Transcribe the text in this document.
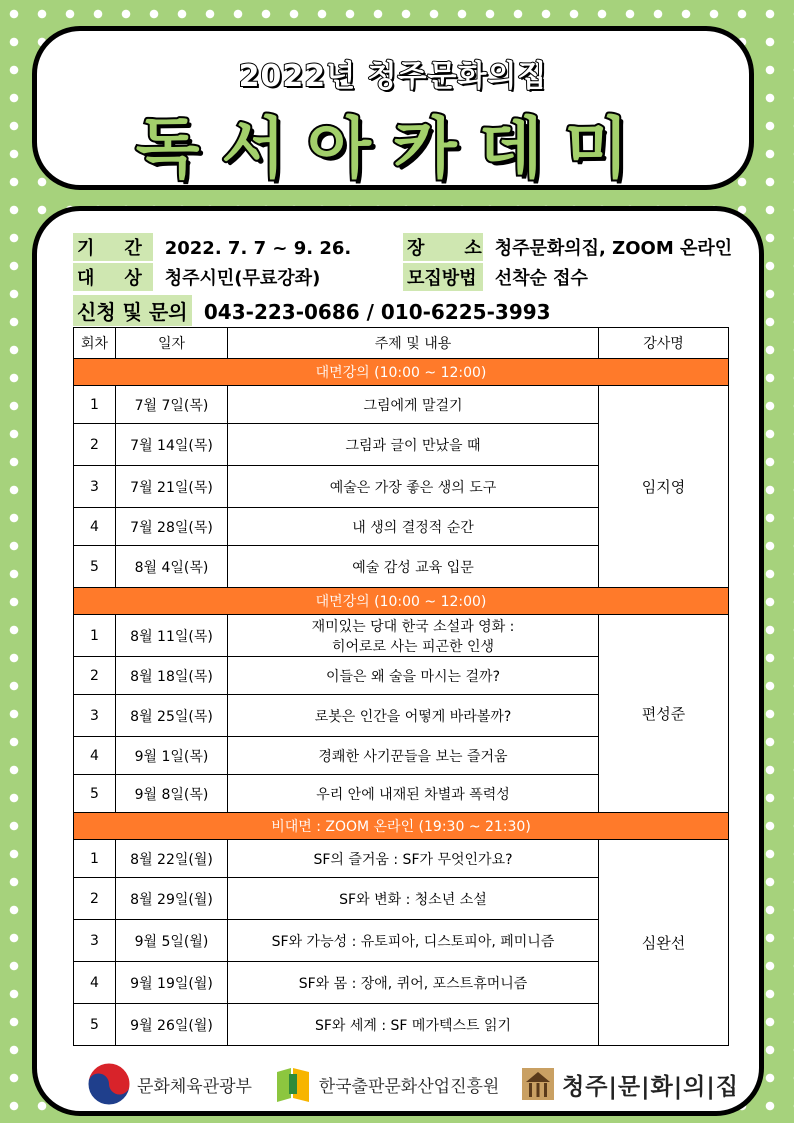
2022년 청주문화의집
독서아카데미
기간 2022. 7. 7 ~ 9. 26.	장소 청주문화의집, ZOOM 온라인
대상 청주시민(무료강좌)	모집방법 선착순 접수
신청 및 문의 043-223-0686 / 010-6225-3993
회차	일자	주제 및 내용	강사명
대면강의 (10:00 ~ 12:00)			
1	7월 7일(목)	그림에게 말걸기	임지영
2	7월 14일(목)	그림과 글이 만났을 때	
3	7월 21일(목)	예술은 가장 좋은 생의 도구	
4	7월 28일(목)	내 생의 결정적 순간	
5	8월 4일(목)	예술 감성 교육 입문	
대면강의 (10:00 ~ 12:00)			
1	8월 11일(목)	재미있는 당대 한국 소설과 영화 :
히어로로 사는 피곤한 인생	편성준
2	8월 18일(목)	이들은 왜 술을 마시는 걸까?	
3	8월 25일(목)	로봇은 인간을 어떻게 바라볼까?	
4	9월 1일(목)	경쾌한 사기꾼들을 보는 즐거움	
5	9월 8일(목)	우리 안에 내재된 차별과 폭력성	
비대면 : ZOOM 온라인 (19:30 ~ 21:30)			
1	8월 22일(월)	SF의 즐거움 : SF가 무엇인가요?	심완선
2	8월 29일(월)	SF와 변화 : 청소년 소설	
3	9월 5일(월)	SF와 가능성 : 유토피아, 디스토피아, 페미니즘	
4	9월 19일(월)	SF와 몸 : 장애, 퀴어, 포스트휴머니즘	
5	9월 26일(월)	SF와 세계 : SF 메가텍스트 읽기	
문화체육관광부	한국출판문화산업진흥원	청주|문|화|의|집
